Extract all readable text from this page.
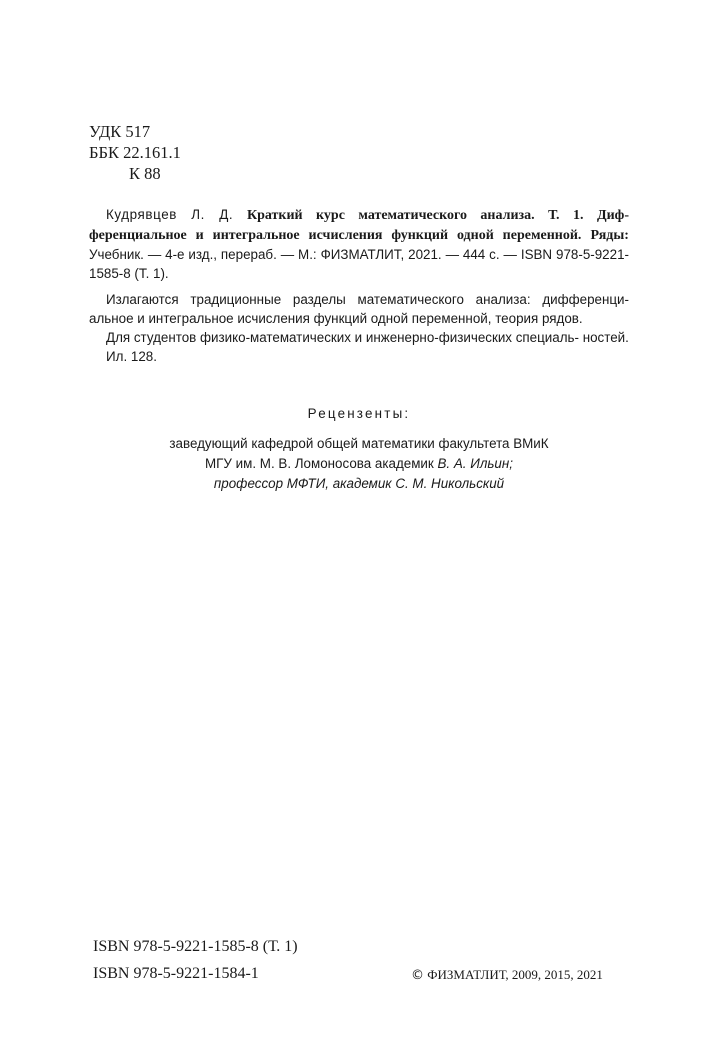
УДК 517
ББК 22.161.1
К 88

Кудрявцев Л. Д. Краткий курс математического анализа. Т. 1. Диф- ференциальное и интегральное исчисления функций одной переменной. Ряды: Учебник. — 4-е изд., перераб. — М.: ФИЗМАТЛИТ, 2021. — 444 с. — ISBN 978-5-9221-1585-8 (Т. 1).

Излагаются традиционные разделы математического анализа: дифференци- альное и интегральное исчисления функций одной переменной, теория рядов.

Для студентов физико-математических и инженерно-физических специаль- ностей.

Ил. 128.

Рецензенты:
заведующий кафедрой общей математики факультета ВМиК
МГУ им. М. В. Ломоносова академик В. А. Ильин;
профессор МФТИ, академик С. М. Никольский
ISBN 978-5-9221-1585-8 (Т. 1)
ISBN 978-5-9221-1584-1	© ФИЗМАТЛИТ, 2009, 2015, 2021
